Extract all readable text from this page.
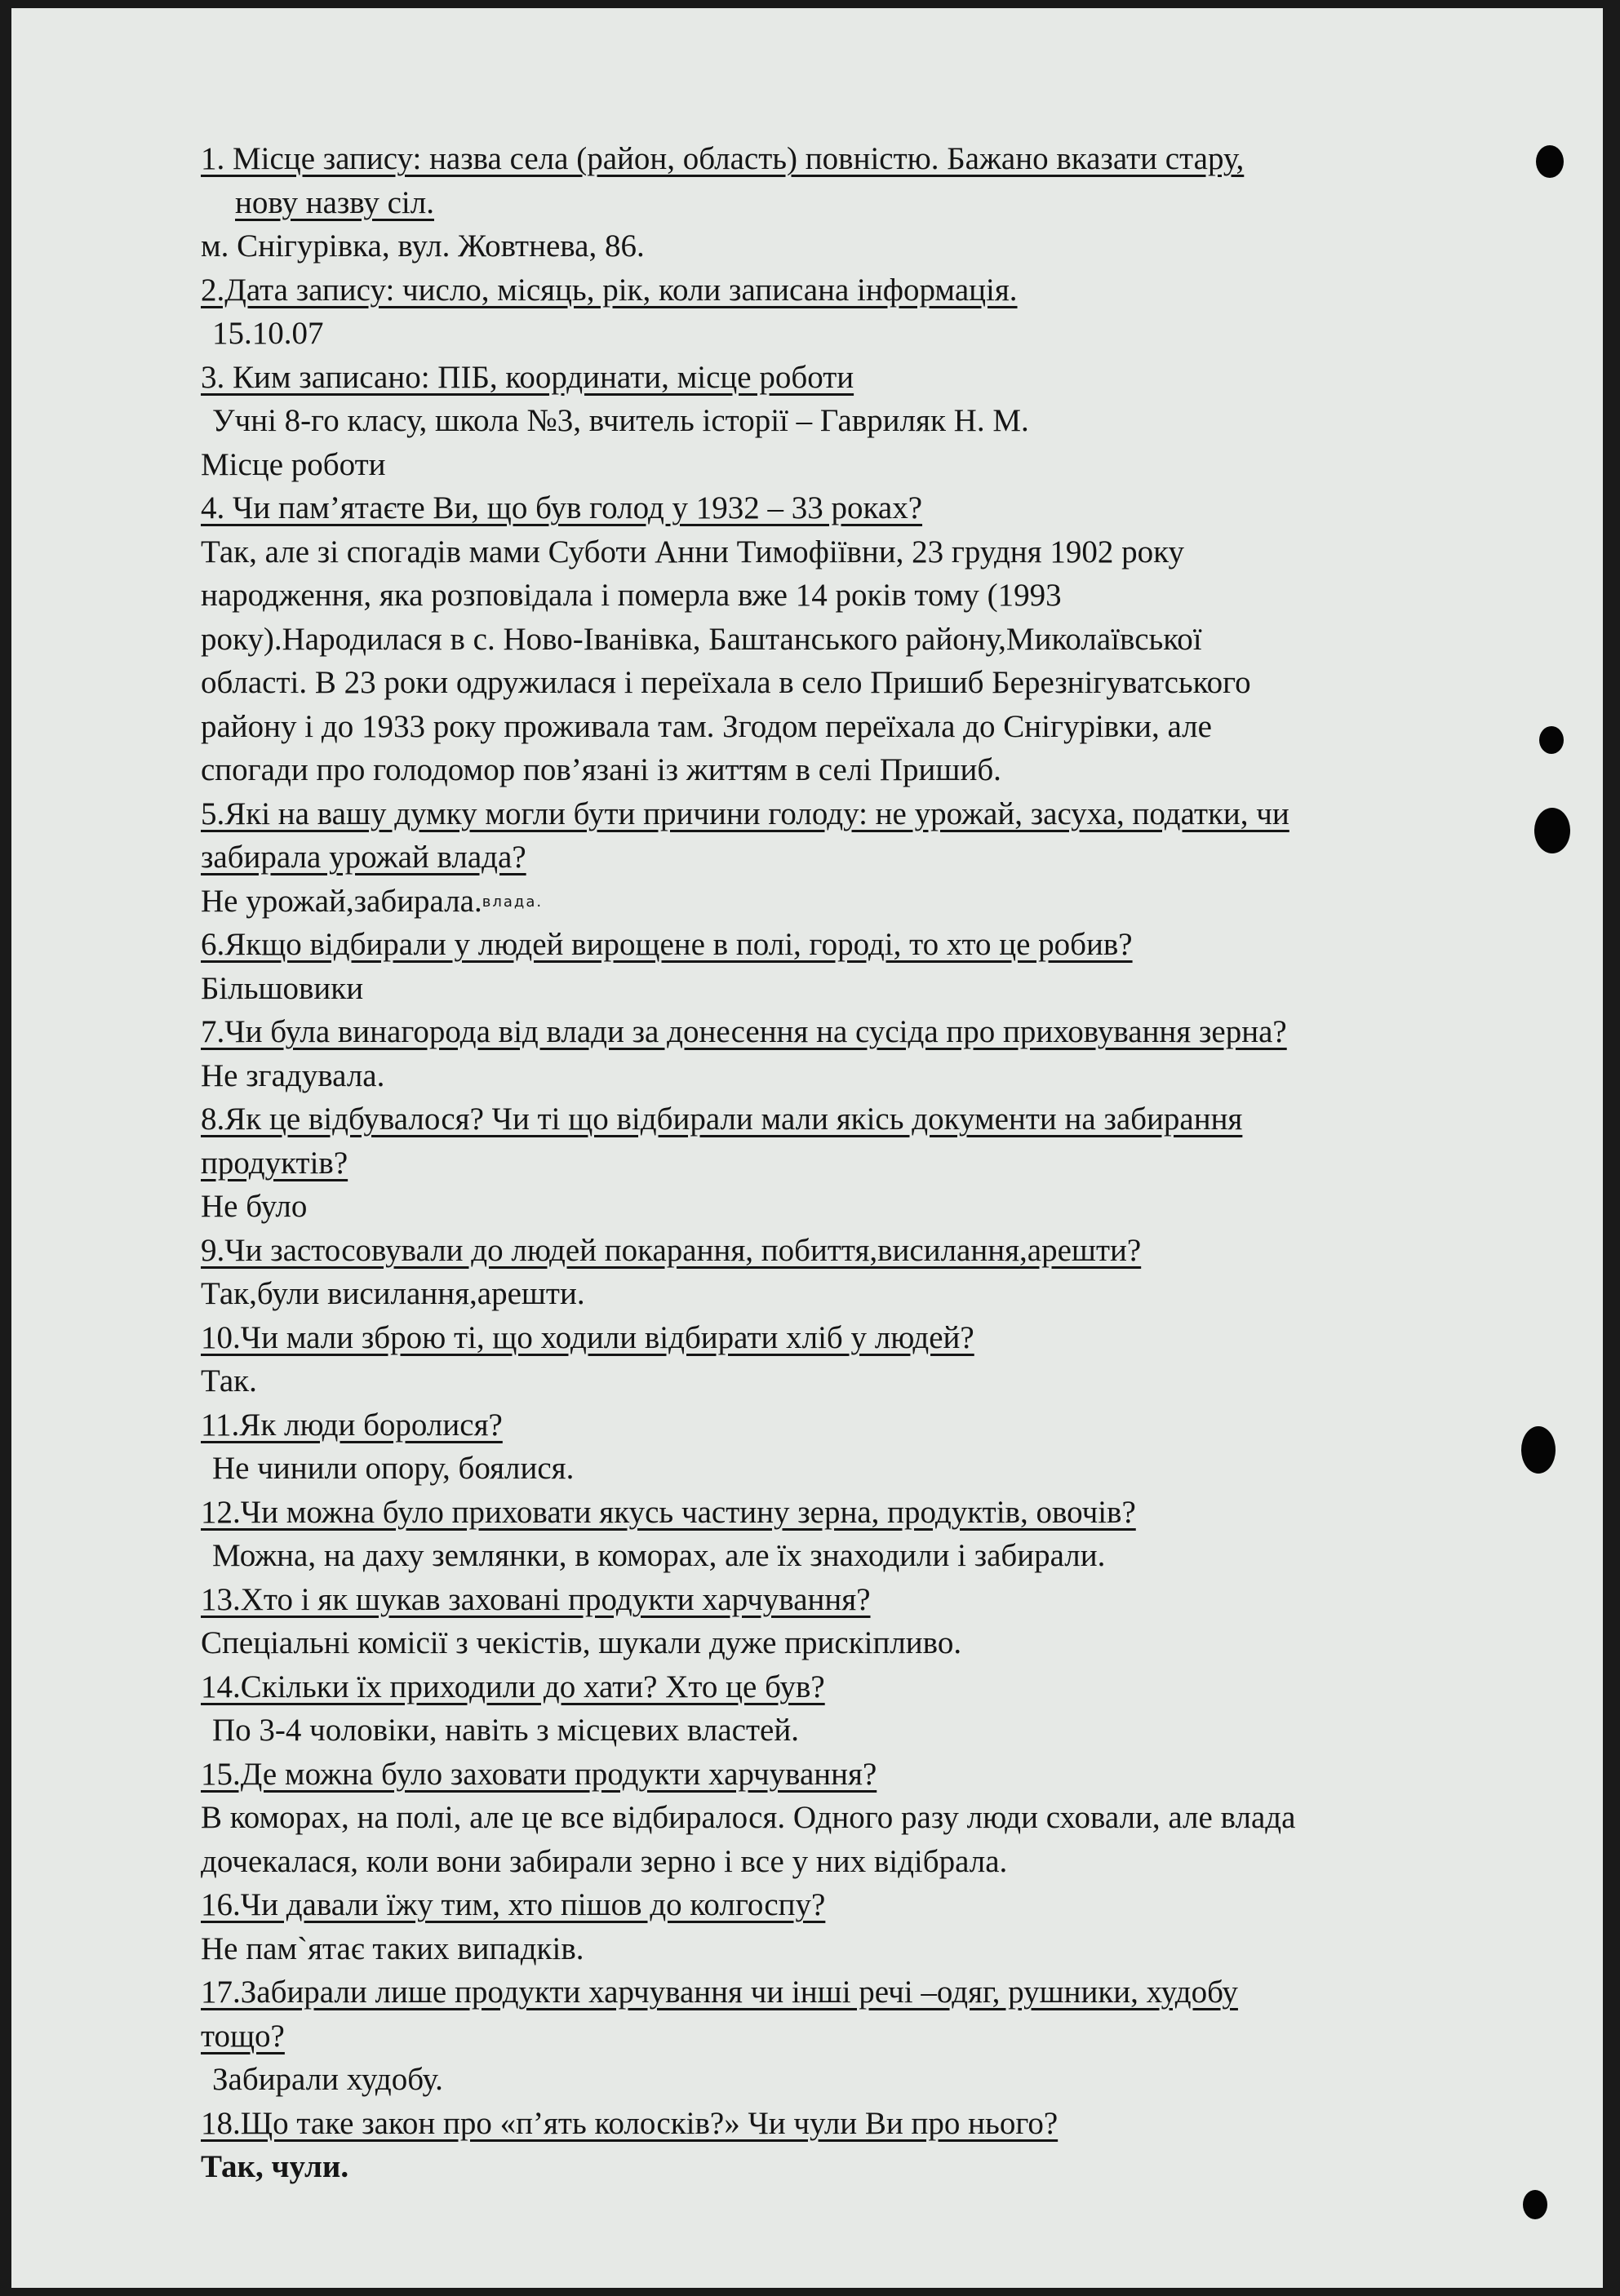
1. Місце запису: назва села (район, область) повністю. Бажано вказати стару,
нову назву сіл.
м. Снігурівка, вул. Жовтнева, 86.
2.Дата запису: число, місяць, рік, коли записана інформація.
15.10.07
3. Ким записано: ПІБ, координати, місце роботи
Учні 8-го класу, школа №3, вчитель історії – Гавриляк Н. М.
Місце роботи
4. Чи пам’ятаєте Ви, що був голод у 1932 – 33 роках?
Так, але зі спогадів мами Суботи Анни Тимофіївни, 23 грудня 1902 року
народження, яка розповідала і померла вже 14 років тому (1993
року).Народилася в с. Ново-Іванівка, Баштанського району,Миколаївської
області. В 23 роки одружилася і переїхала в село Пришиб Березнігуватського
району і до 1933 року проживала там. Згодом переїхала до Снігурівки, але
спогади про голодомор пов’язані із життям в селі Пришиб.
5.Які на вашу думку могли бути причини голоду: не урожай, засуха, податки, чи
забирала урожай влада?
Не урожай,забирала.влада.
6.Якщо відбирали у людей вирощене в полі, городі, то хто це робив?
Більшовики
7.Чи була винагорода від влади за донесення на сусіда про приховування зерна?
Не згадувала.
8.Як це відбувалося? Чи ті що відбирали мали якісь документи на забирання
продуктів?
Не було
9.Чи застосовували до людей покарання, побиття,висилання,арешти?
Так,були висилання,арешти.
10.Чи мали зброю ті, що ходили відбирати хліб у людей?
Так.
11.Як люди боролися?
Не чинили опору, боялися.
12.Чи можна було приховати якусь частину зерна, продуктів, овочів?
Можна, на даху землянки, в коморах, але їх знаходили і забирали.
13.Хто і як шукав заховані продукти харчування?
Спеціальні комісії з чекістів, шукали дуже прискіпливо.
14.Скільки їх приходили до хати? Хто це був?
По 3-4 чоловіки, навіть з місцевих властей.
15.Де можна було заховати продукти харчування?
В коморах, на полі, але це все відбиралося. Одного разу люди сховали, але влада
дочекалася, коли вони забирали зерно і все у них відібрала.
16.Чи давали їжу тим, хто пішов до колгоспу?
Не пам`ятає таких випадків.
17.Забирали лише продукти харчування чи інші речі –одяг, рушники, худобу
тощо?
Забирали худобу.
18.Що таке закон про «п’ять колосків?» Чи чули Ви про нього?
Так, чули.
